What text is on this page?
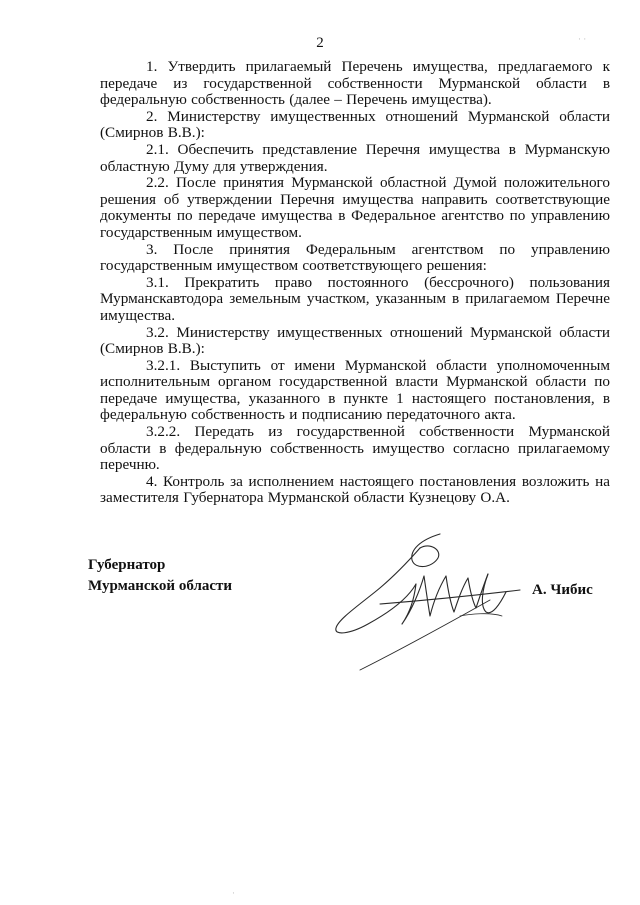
2

1. Утвердить прилагаемый Перечень имущества, предлагаемого к передаче из государственной собственности Мурманской области в федеральную собственность (далее – Перечень имущества).

2. Министерству имущественных отношений Мурманской области (Смирнов В.В.):

2.1. Обеспечить представление Перечня имущества в Мурманскую областную Думу для утверждения.

2.2. После принятия Мурманской областной Думой положительного решения об утверждении Перечня имущества направить соответствующие документы по передаче имущества в Федеральное агентство по управлению государственным имуществом.

3. После принятия Федеральным агентством по управлению государственным имуществом соответствующего решения:

3.1. Прекратить право постоянного (бессрочного) пользования Мурманскавтодора земельным участком, указанным в прилагаемом Перечне имущества.

3.2. Министерству имущественных отношений Мурманской области (Смирнов В.В.):

3.2.1. Выступить от имени Мурманской области уполномоченным исполнительным органом государственной власти Мурманской области по передаче имущества, указанного в пункте 1 настоящего постановления, в федеральную собственность и подписанию передаточного акта.

3.2.2. Передать из государственной собственности Мурманской области в федеральную собственность имущество согласно прилагаемому перечню.

4. Контроль за исполнением настоящего постановления возложить на заместителя Губернатора Мурманской области Кузнецову О.А.

Губернатор
Мурманской области	А. Чибис
· ·
·
